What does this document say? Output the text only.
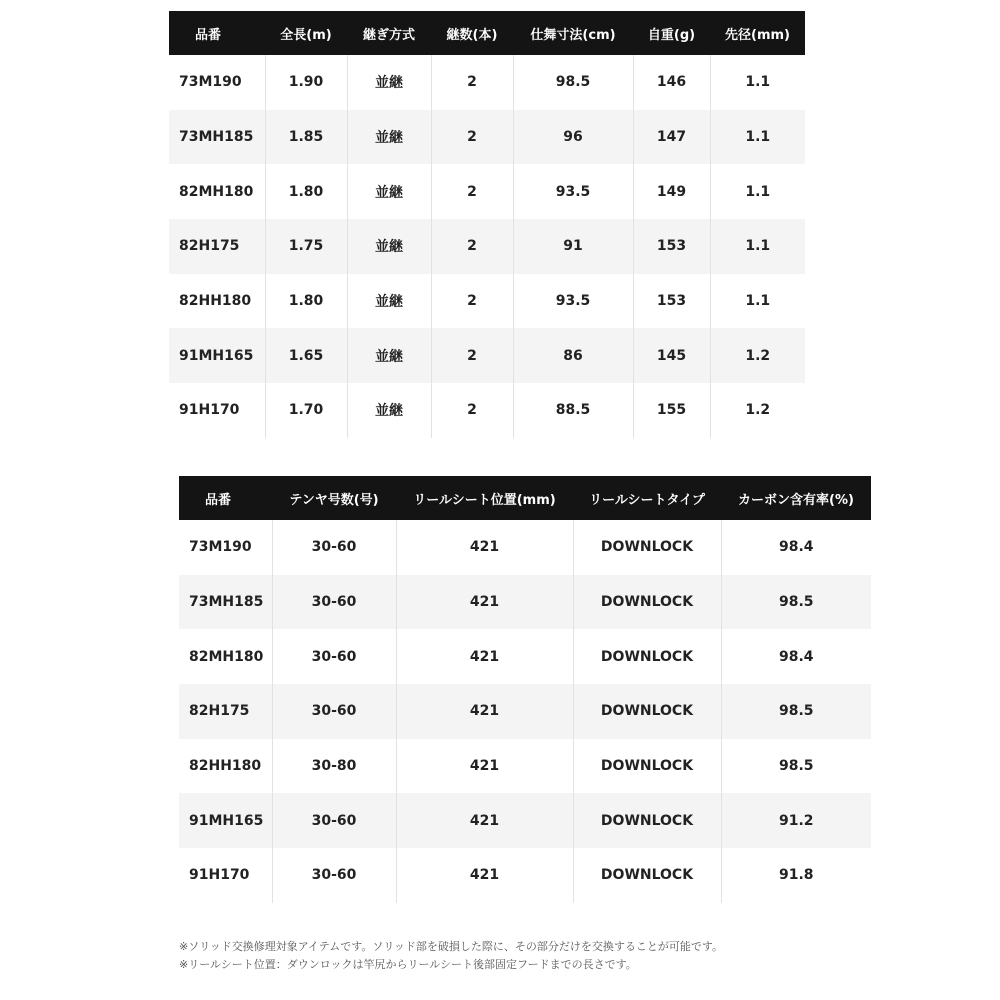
品番	全長(m)	継ぎ方式	継数(本)	仕舞寸法(cm)	自重(g)	先径(mm)
73M190	1.90	並継	2	98.5	146	1.1
73MH185	1.85	並継	2	96	147	1.1
82MH180	1.80	並継	2	93.5	149	1.1
82H175	1.75	並継	2	91	153	1.1
82HH180	1.80	並継	2	93.5	153	1.1
91MH165	1.65	並継	2	86	145	1.2
91H170	1.70	並継	2	88.5	155	1.2
品番	テンヤ号数(号)	リールシート位置(mm)	リールシートタイプ	カーボン含有率(%)
73M190	30-60	421	DOWNLOCK	98.4
73MH185	30-60	421	DOWNLOCK	98.5
82MH180	30-60	421	DOWNLOCK	98.4
82H175	30-60	421	DOWNLOCK	98.5
82HH180	30-80	421	DOWNLOCK	98.5
91MH165	30-60	421	DOWNLOCK	91.2
91H170	30-60	421	DOWNLOCK	91.8

※ソリッド交換修理対象アイテムです。ソリッド部を破損した際に、その部分だけを交換することが可能です。

※リールシート位置：ダウンロックは竿尻からリールシート後部固定フードまでの長さです。
